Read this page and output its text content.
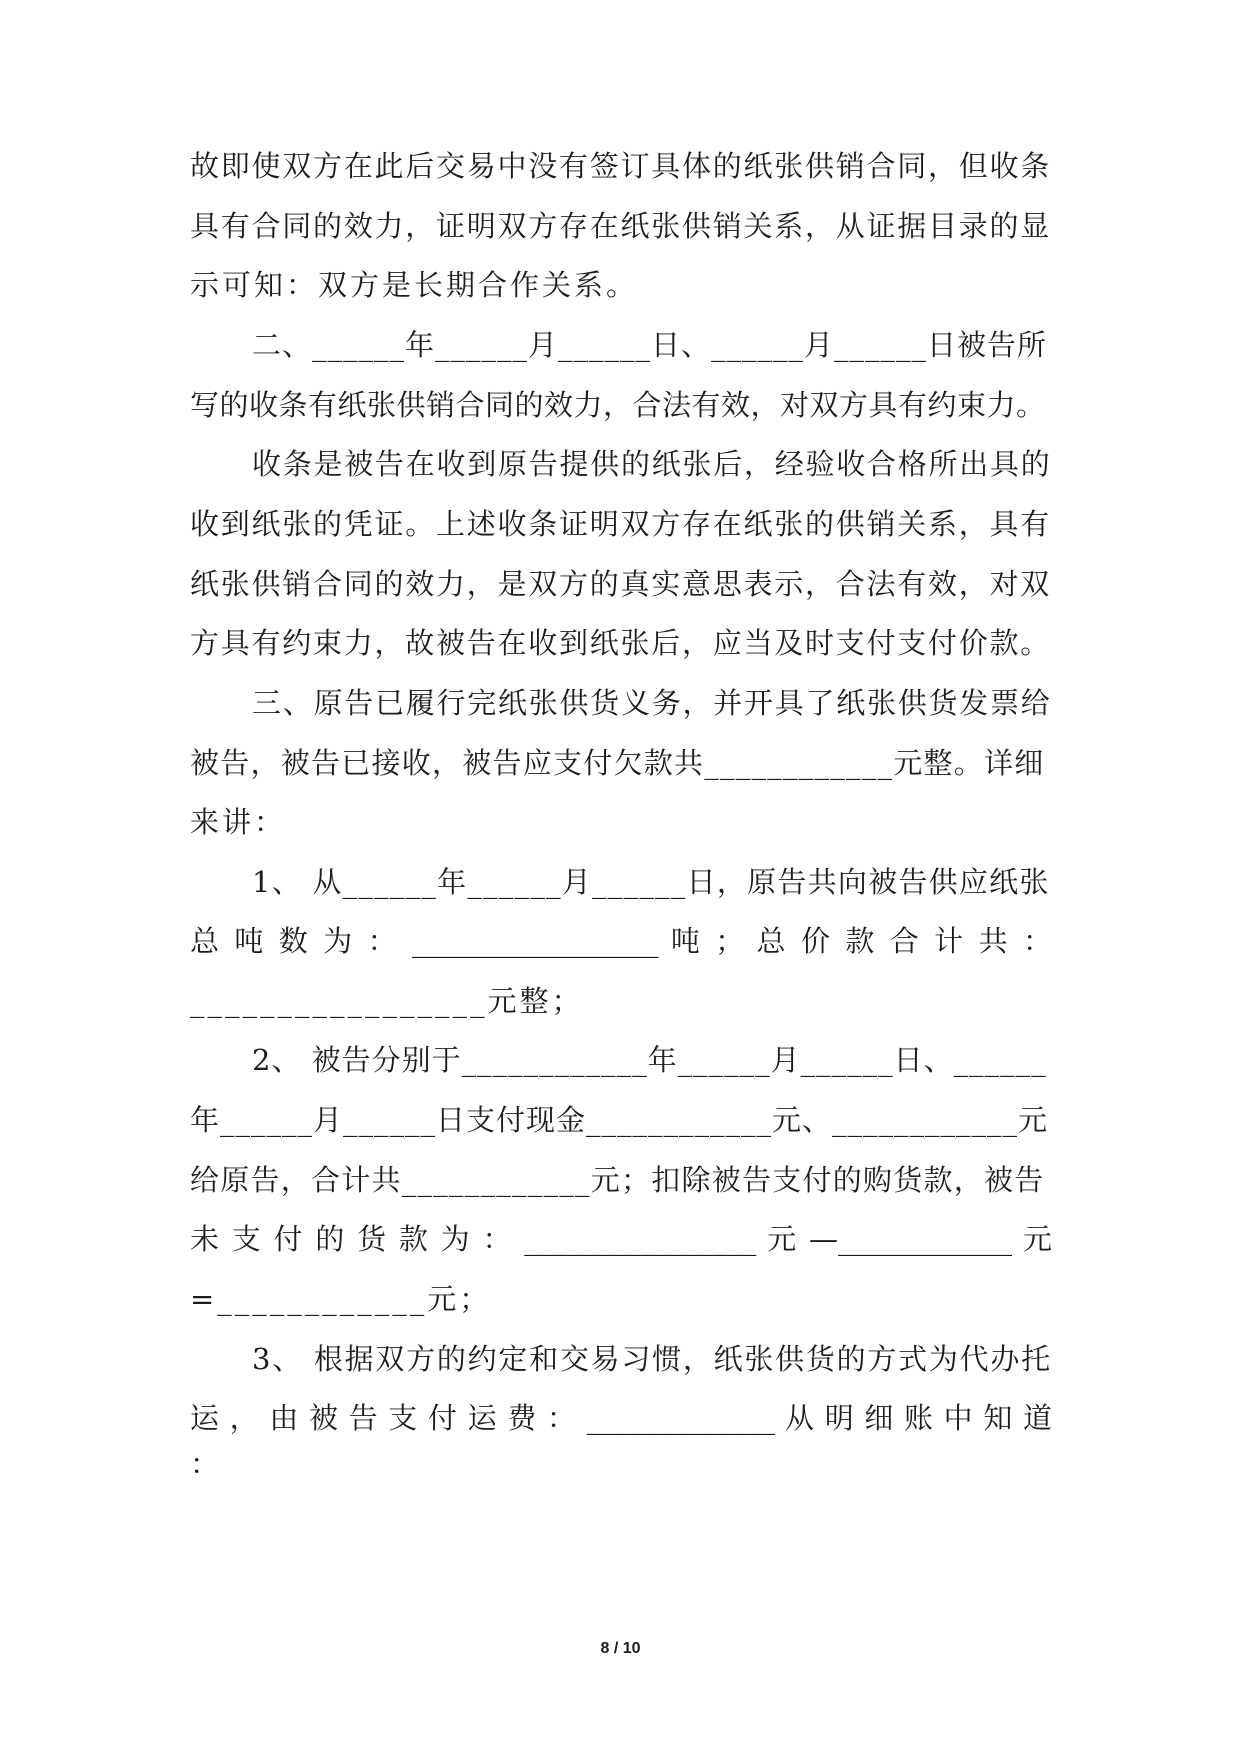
故即使双方在此后交易中没有签订具体的纸张供销合同，但收条
具有合同的效力，证明双方存在纸张供销关系，从证据目录的显
示可知：双方是长期合作关系。
二、______年______月______日、______月______日被告所
写的收条有纸张供销合同的效力，合法有效，对双方具有约束力。
收条是被告在收到原告提供的纸张后，经验收合格所出具的
收到纸张的凭证。上述收条证明双方存在纸张的供销关系，具有
纸张供销合同的效力，是双方的真实意思表示，合法有效，对双
方具有约束力，故被告在收到纸张后，应当及时支付支付价款。
三、原告已履行完纸张供货义务，并开具了纸张供货发票给
被告，被告已接收，被告应支付欠款共____________元整。详细
来讲：
1、 从______年______月______日，原告共向被告供应纸张
总 吨 数 为 ： _________________ 吨 ； 总 价 款 合 计 共 ：
_________________元整；
2、 被告分别于____________年______月______日、______
年______月______日支付现金____________元、____________元
给原告，合计共____________元；扣除被告支付的购货款，被告
未 支 付 的 货 款 为 ： ________________ 元 —____________ 元
=____________元；
3、 根据双方的约定和交易习惯，纸张供货的方式为代办托
运 ， 由 被 告 支 付 运 费 ： _____________ 从 明 细 账 中 知 道 ：
8 / 10
